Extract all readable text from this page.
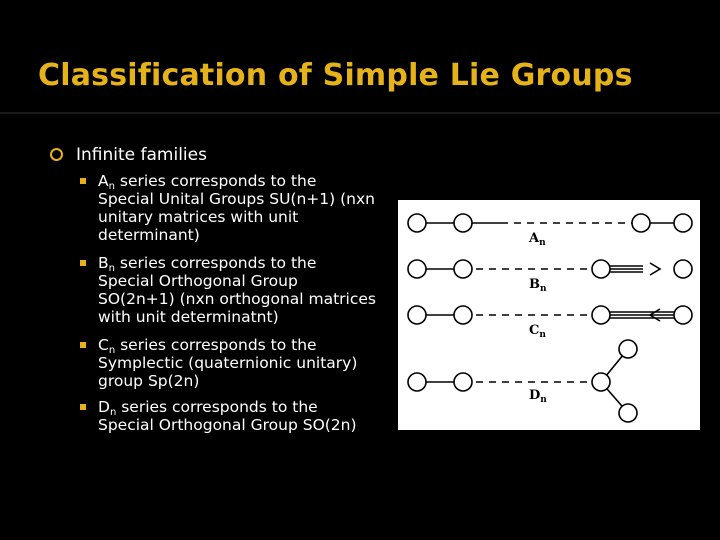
Classification of Simple Lie Groups
Infinite families
$A_n$ series corresponds to the
Special Unital Groups SU(n+1) (nxn
unitary matrices with unit
determinant)
$B_n$ series corresponds to the
Special Orthogonal Group
SO(2n+1) (nxn orthogonal matrices
with unit determinatnt)
$C_n$ series corresponds to the
Symplectic (quaternionic unitary)
group Sp(2n)
$D_n$ series corresponds to the
Special Orthogonal Group SO(2n)
$A_n$
$B_n$
$C_n$
$D_n$
